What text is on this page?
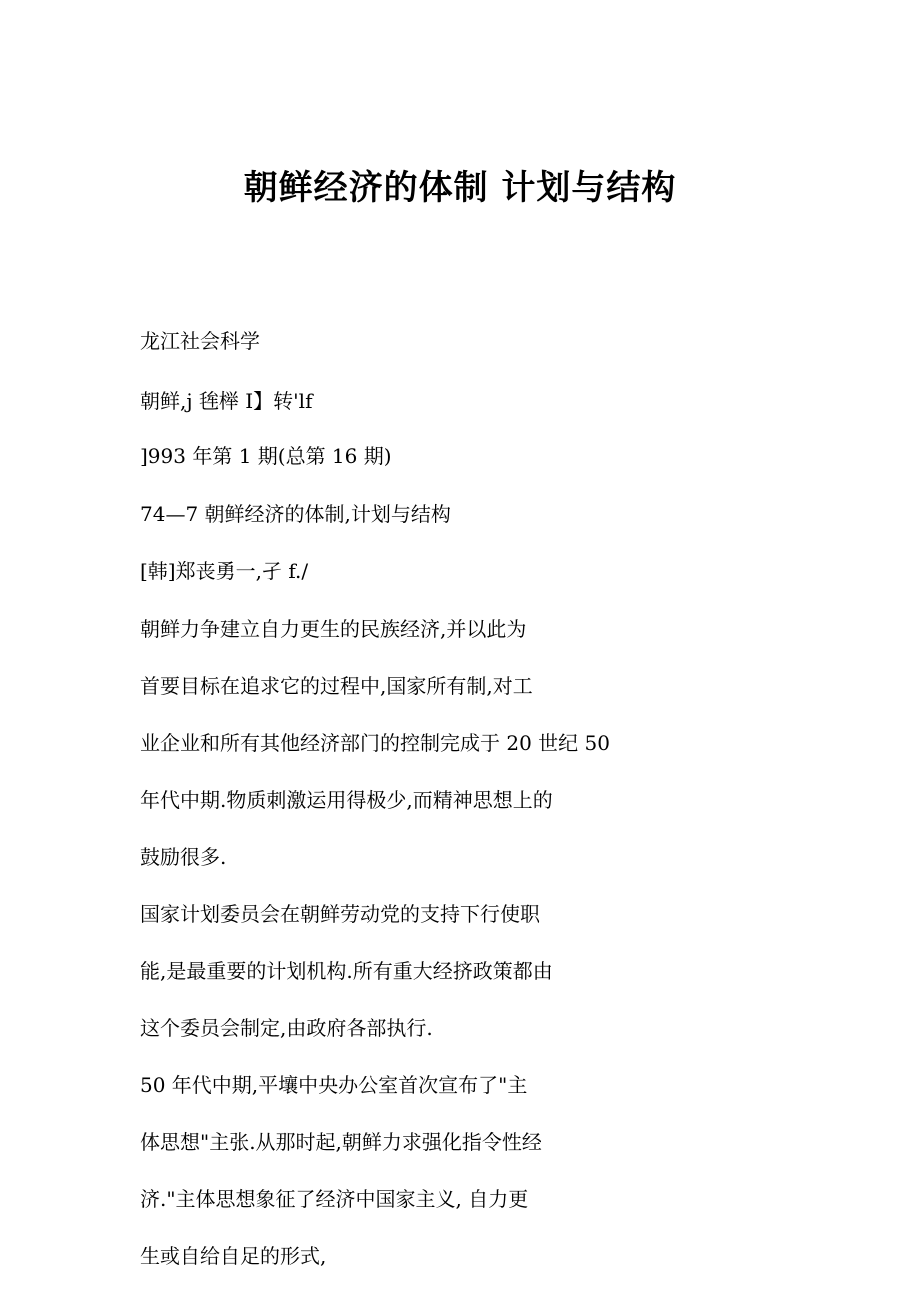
朝鲜经济的体制 计划与结构

龙江社会科学

朝鲜,j 毪榉 I】转'lf

]993 年第 1 期(总第 16 期)

74—7 朝鲜经济的体制,计划与结构

[韩]郑丧勇一,孑 f./

朝鲜力争建立自力更生的民族经济,并以此为

首要目标在追求它的过程中,国家所有制,对工

业企业和所有其他经济部门的控制完成于 20 世纪 50

年代中期.物质刺激运用得极少,而精神思想上的

鼓励很多.

国家计划委员会在朝鲜劳动党的支持下行使职

能,是最重要的计划机构.所有重大经挤政策都由

这个委员会制定,由政府各部执行.

50 年代中期,平壤中央办公室首次宣布了"主

体思想"主张.从那时起,朝鲜力求强化指令性经

济."主体思想象征了经济中国家主义, 自力更

生或自给自足的形式,
